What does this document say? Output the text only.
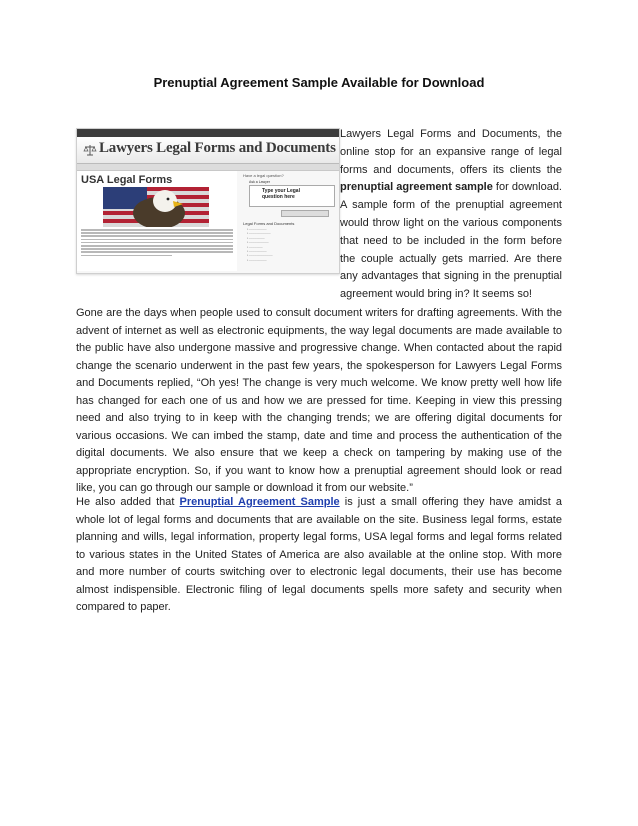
Prenuptial Agreement Sample Available for Download
Lawyers Legal Forms and Documents
USA Legal Forms	Have a legal question?
Ask a Lawyer
Type your Legal question here
Legal Forms and Documents
▪ ─────────
▪ ───────────
▪ ────────
▪ ──────────
▪ ───────
▪ ─────────
▪ ────────────
▪ ─────────
Lawyers Legal Forms and Documents, the online stop for an expansive range of legal forms and documents, offers its clients the prenuptial agreement sample for download. A sample form of the prenuptial agreement would throw light on the various components that need to be included in the form before the couple actually gets married. Are there any advantages that signing in the prenuptial agreement would bring in? It seems so!
Gone are the days when people used to consult document writers for drafting agreements. With the advent of internet as well as electronic equipments, the way legal documents are made available to the public have also undergone massive and progressive change. When contacted about the rapid change the scenario underwent in the past few years, the spokesperson for Lawyers Legal Forms and Documents replied, “Oh yes! The change is very much welcome. We know pretty well how life has changed for each one of us and how we are pressed for time. Keeping in view this pressing need and also trying to in keep with the changing trends; we are offering digital documents for various occasions. We can imbed the stamp, date and time and process the authentication of the digital documents. We also ensure that we keep a check on tampering by making use of the appropriate encryption. So, if you want to know how a prenuptial agreement should look or read like, you can go through our sample or download it from our website.”
He also added that Prenuptial Agreement Sample is just a small offering they have amidst a whole lot of legal forms and documents that are available on the site. Business legal forms, estate planning and wills, legal information, property legal forms, USA legal forms and legal forms related to various states in the United States of America are also available at the online stop. With more and more number of courts switching over to electronic legal documents, their use has become almost indispensible. Electronic filing of legal documents spells more safety and security when compared to paper.
